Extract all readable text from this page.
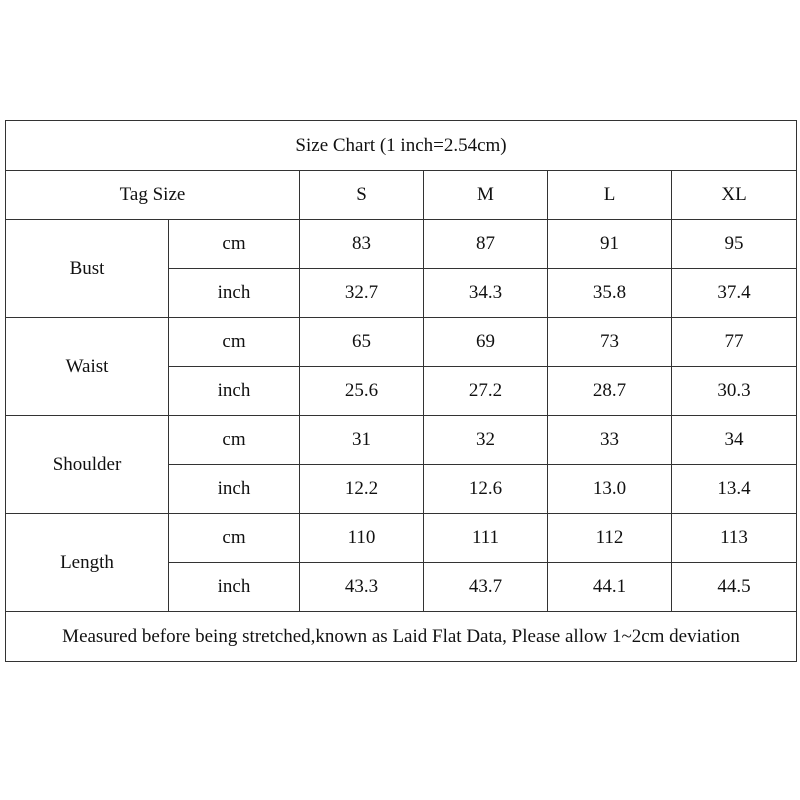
Size Chart (1 inch=2.54cm)					
Tag Size		S	M	L	XL
Bust	cm	83	87	91	95
	inch	32.7	34.3	35.8	37.4
Waist	cm	65	69	73	77
	inch	25.6	27.2	28.7	30.3
Shoulder	cm	31	32	33	34
	inch	12.2	12.6	13.0	13.4
Length	cm	110	111	112	113
	inch	43.3	43.7	44.1	44.5
Measured before being stretched,known as Laid Flat Data, Please allow 1~2cm deviation					
